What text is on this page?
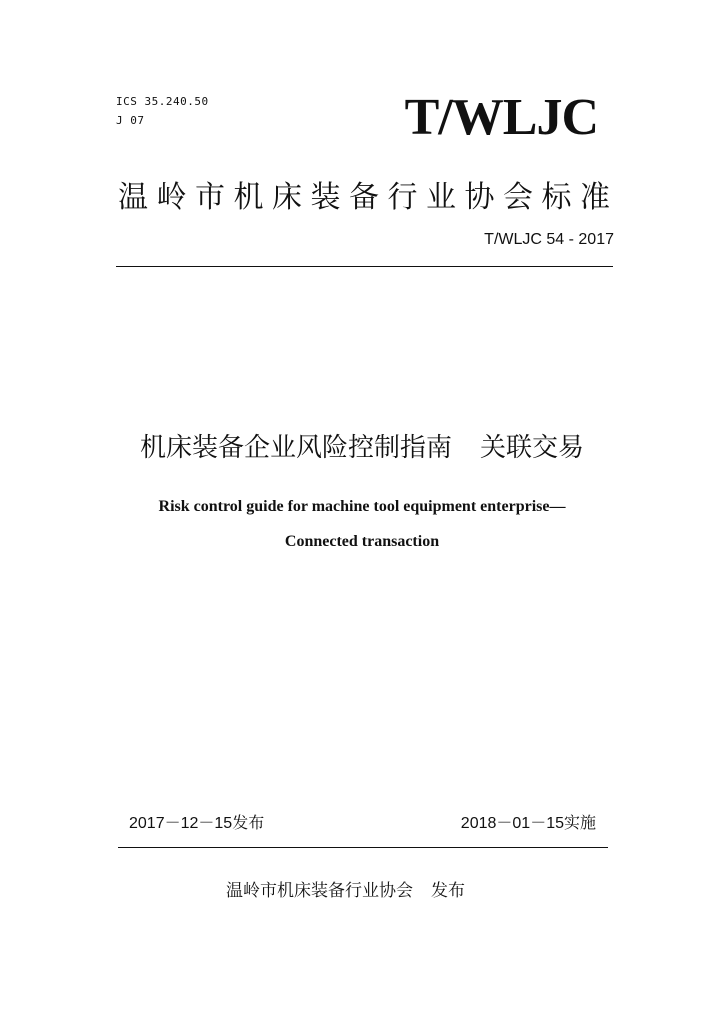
ICS 35.240.50
J 07	T/WLJC
温岭市机床装备行业协会标准
T/WLJC 54 - 2017
机床装备企业风险控制指南 关联交易
Risk control guide for machine tool equipment enterprise—
Connected transaction
2017－12－15发布	2018－01－15实施
温岭市机床装备行业协会 发布
